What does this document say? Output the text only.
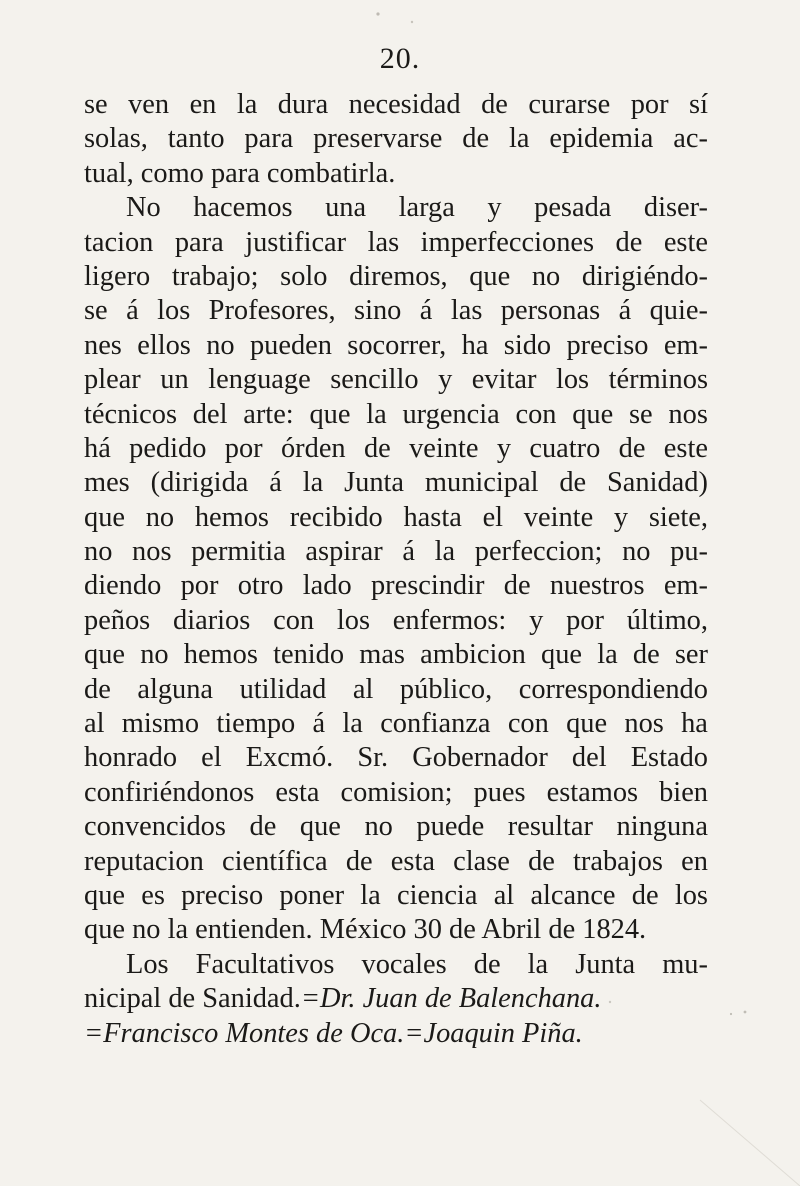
20.
se ven en la dura necesidad de curarse por sí
solas, tanto para preservarse de la epidemia ac-
tual, como para combatirla.
No hacemos una larga y pesada diser-
tacion para justificar las imperfecciones de este
ligero trabajo; solo diremos, que no dirigiéndo-
se á los Profesores, sino á las personas á quie-
nes ellos no pueden socorrer, ha sido preciso em-
plear un lenguage sencillo y evitar los términos
técnicos del arte: que la urgencia con que se nos
há pedido por órden de veinte y cuatro de este
mes (dirigida á la Junta municipal de Sanidad)
que no hemos recibido hasta el veinte y siete,
no nos permitia aspirar á la perfeccion; no pu-
diendo por otro lado prescindir de nuestros em-
peños diarios con los enfermos: y por último,
que no hemos tenido mas ambicion que la de ser
de alguna utilidad al público, correspondiendo
al mismo tiempo á la confianza con que nos ha
honrado el Excmó. Sr. Gobernador del Estado
confiriéndonos esta comision; pues estamos bien
convencidos de que no puede resultar ninguna
reputacion científica de esta clase de trabajos en
que es preciso poner la ciencia al alcance de los
que no la entienden. México 30 de Abril de 1824.
Los Facultativos vocales de la Junta mu-
nicipal de Sanidad. =Dr. Juan de Balenchana.
=Francisco Montes de Oca.=Joaquin Piña.
